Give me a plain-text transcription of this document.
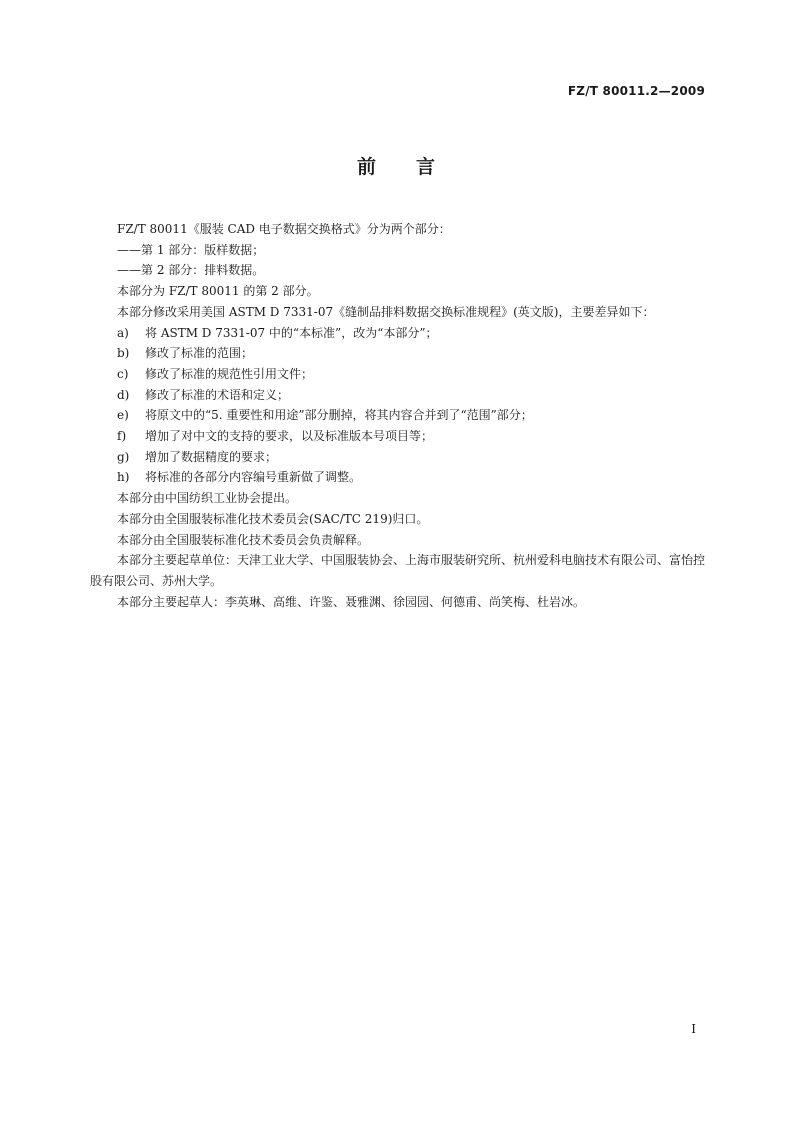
FZ/T 80011.2—2009
前 言

FZ/T 80011《服装 CAD 电子数据交换格式》分为两个部分：

——第 1 部分：版样数据；

——第 2 部分：排料数据。

本部分为 FZ/T 80011 的第 2 部分。

本部分修改采用美国 ASTM D 7331-07《缝制品排料数据交换标准规程》(英文版)，主要差异如下：

a) 将 ASTM D 7331-07 中的“本标准”，改为“本部分”；

b) 修改了标准的范围；

c) 修改了标准的规范性引用文件；

d) 修改了标准的术语和定义；

e) 将原文中的“5. 重要性和用途”部分删掉，将其内容合并到了“范围”部分；

f) 增加了对中文的支持的要求，以及标准版本号项目等；

g) 增加了数据精度的要求；

h) 将标准的各部分内容编号重新做了调整。

本部分由中国纺织工业协会提出。

本部分由全国服装标准化技术委员会(SAC/TC 219)归口。

本部分由全国服装标准化技术委员会负责解释。

本部分主要起草单位：天津工业大学、中国服装协会、上海市服装研究所、杭州爱科电脑技术有限公司、富怡控股有限公司、苏州大学。

本部分主要起草人：李英琳、高维、许鉴、聂雅渊、徐园园、何德甫、尚笑梅、杜岩冰。

I
